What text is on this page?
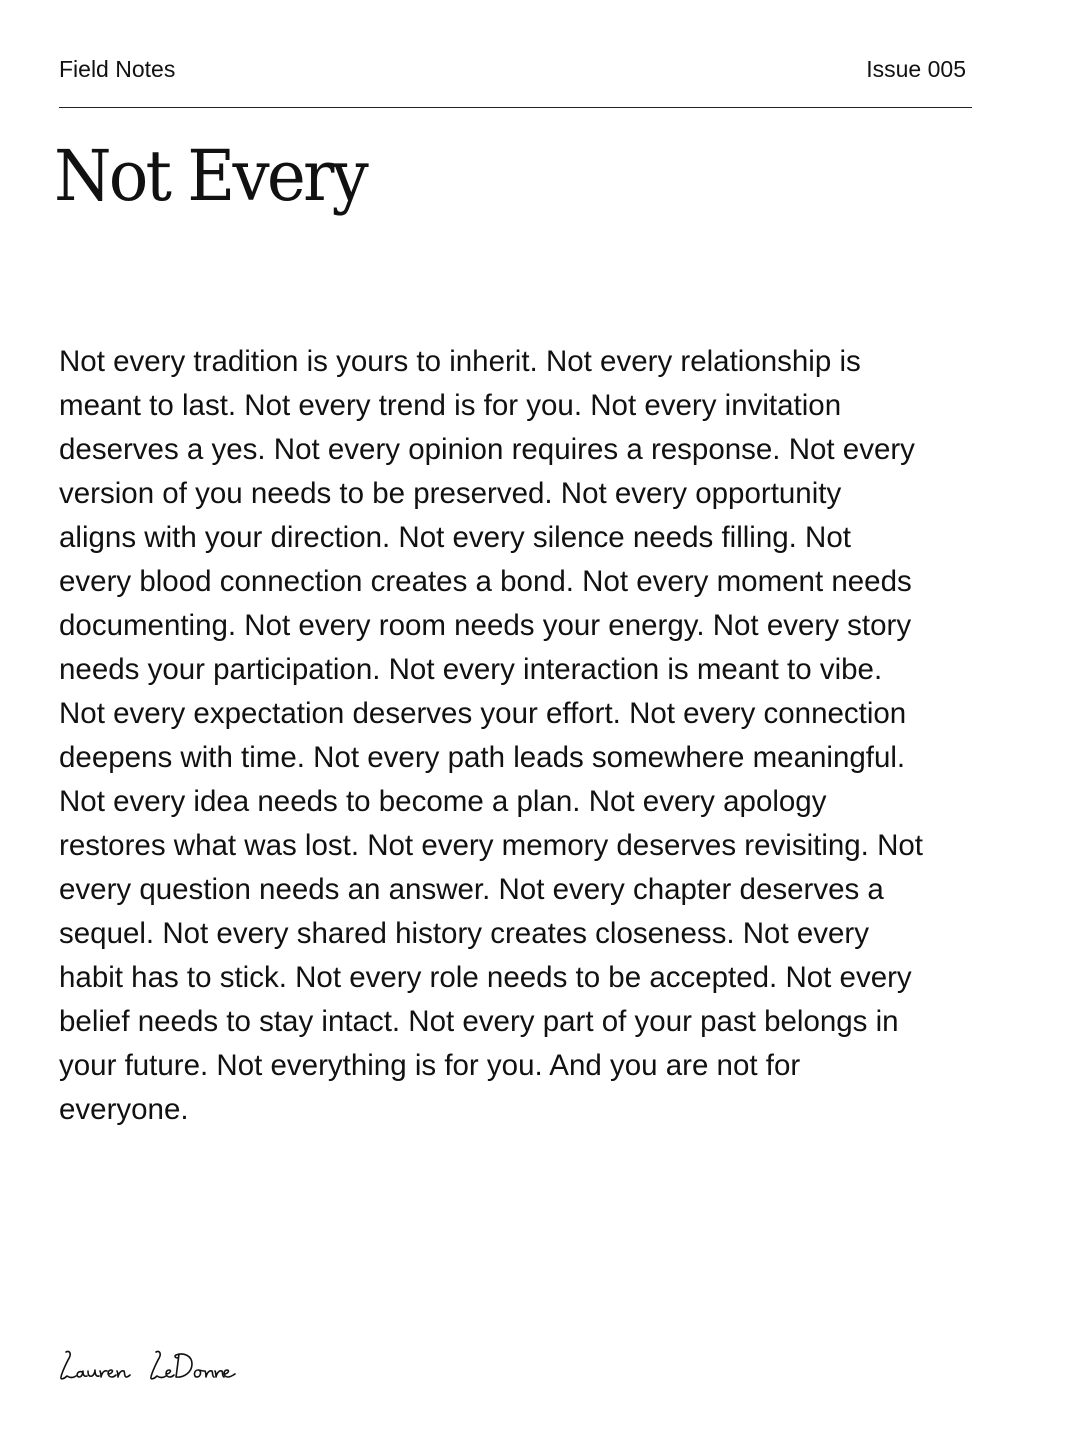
Field Notes	Issue 005
Not Every

Not every tradition is yours to inherit. Not every relationship is
meant to last. Not every trend is for you. Not every invitation
deserves a yes. Not every opinion requires a response. Not every
version of you needs to be preserved. Not every opportunity
aligns with your direction. Not every silence needs filling. Not
every blood connection creates a bond. Not every moment needs
documenting. Not every room needs your energy. Not every story
needs your participation. Not every interaction is meant to vibe.
Not every expectation deserves your effort. Not every connection
deepens with time. Not every path leads somewhere meaningful.
Not every idea needs to become a plan. Not every apology
restores what was lost. Not every memory deserves revisiting. Not
every question needs an answer. Not every chapter deserves a
sequel. Not every shared history creates closeness. Not every
habit has to stick. Not every role needs to be accepted. Not every
belief needs to stay intact. Not every part of your past belongs in
your future. Not everything is for you. And you are not for
everyone.
